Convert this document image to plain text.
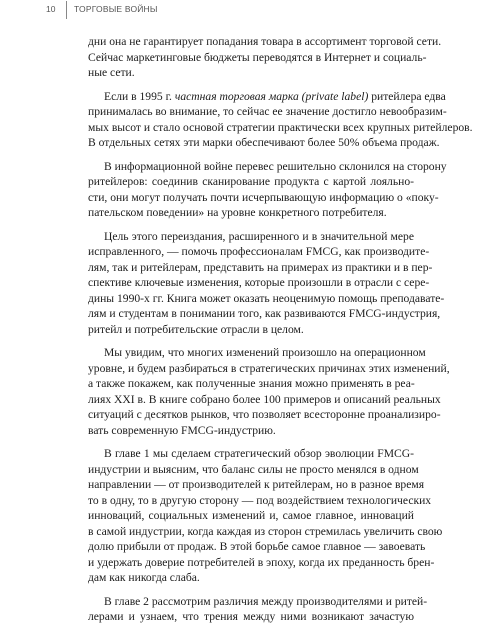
10 ТОРГОВЫЕ ВОЙНЫ

дни она не гарантирует попадания товара в ассортимент торговой сети.
Сейчас маркетинговые бюджеты переводятся в Интернет и социаль-
ные сети.

Если в 1995 г. частная торговая марка (private label) ритейлера едва
принималась во внимание, то сейчас ее значение достигло невообразим-
мых высот и стало основой стратегии практически всех крупных ритейлеров.
В отдельных сетях эти марки обеспечивают более 50% объема продаж.

В информационной войне перевес решительно склонился на сторону
ритейлеров: соединив сканирование продукта с картой лояльно-
сти, они могут получать почти исчерпывающую информацию о «поку-
пательском поведении» на уровне конкретного потребителя.

Цель этого переиздания, расширенного и в значительной мере
исправленного, — помочь профессионалам FMCG, как производите-
лям, так и ритейлерам, представить на примерах из практики и в пер-
спективе ключевые изменения, которые произошли в отрасли с сере-
дины 1990-х гг. Книга может оказать неоценимую помощь преподавате-
лям и студентам в понимании того, как развиваются FMCG-индустрия,
ритейл и потребительские отрасли в целом.

Мы увидим, что многих изменений произошло на операционном
уровне, и будем разбираться в стратегических причинах этих изменений,
а также покажем, как полученные знания можно применять в реа-
лиях XXI в. В книге собрано более 100 примеров и описаний реальных
ситуаций с десятков рынков, что позволяет всесторонне проанализиро-
вать современную FMCG-индустрию.

В главе 1 мы сделаем стратегический обзор эволюции FMCG-
индустрии и выясним, что баланс силы не просто менялся в одном
направлении — от производителей к ритейлерам, но в разное время
то в одну, то в другую сторону — под воздействием технологических
инноваций, социальных изменений и, самое главное, инноваций
в самой индустрии, когда каждая из сторон стремилась увеличить свою
долю прибыли от продаж. В этой борьбе самое главное — завоевать
и удержать доверие потребителей в эпоху, когда их преданность брен-
дам как никогда слаба.

В главе 2 рассмотрим различия между производителями и ритей-
лерами и узнаем, что трения между ними возникают зачастую
